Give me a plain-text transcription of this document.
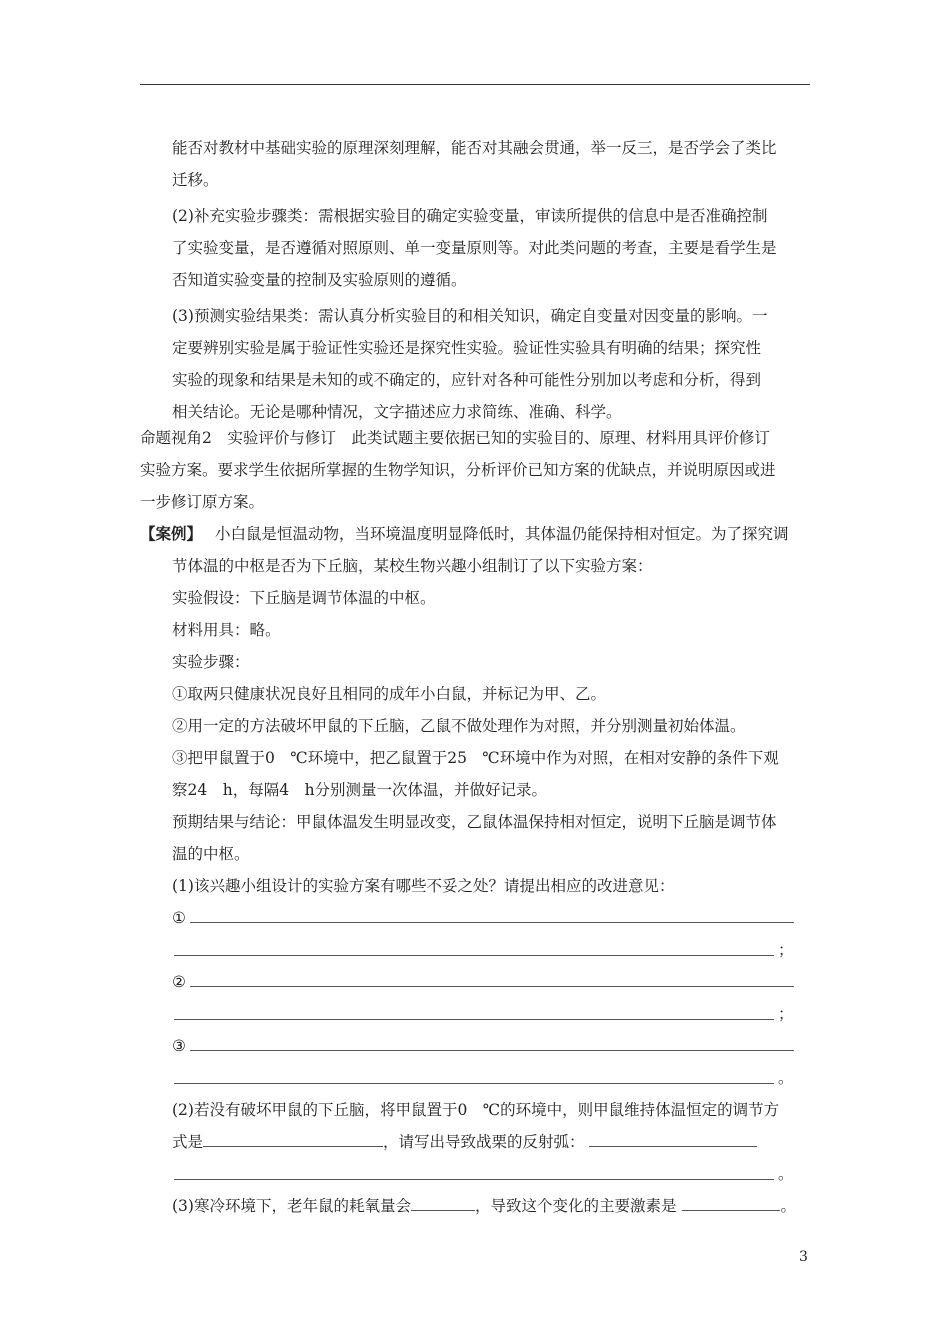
能否对教材中基础实验的原理深刻理解，能否对其融会贯通，举一反三，是否学会了类比
迁移。
(2)补充实验步骤类：需根据实验目的确定实验变量，审读所提供的信息中是否准确控制
了实验变量，是否遵循对照原则、单一变量原则等。对此类问题的考查，主要是看学生是
否知道实验变量的控制及实验原则的遵循。
(3)预测实验结果类：需认真分析实验目的和相关知识，确定自变量对因变量的影响。一
定要辨别实验是属于验证性实验还是探究性实验。验证性实验具有明确的结果；探究性
实验的现象和结果是未知的或不确定的，应针对各种可能性分别加以考虑和分析，得到
相关结论。无论是哪种情况，文字描述应力求简练、准确、科学。
命题视角2　实验评价与修订　此类试题主要依据已知的实验目的、原理、材料用具评价修订
实验方案。要求学生依据所掌握的生物学知识，分析评价已知方案的优缺点，并说明原因或进
一步修订原方案。
【案例】 小白鼠是恒温动物，当环境温度明显降低时，其体温仍能保持相对恒定。为了探究调
节体温的中枢是否为下丘脑，某校生物兴趣小组制订了以下实验方案：
实验假设：下丘脑是调节体温的中枢。
材料用具：略。
实验步骤：
①取两只健康状况良好且相同的成年小白鼠，并标记为甲、乙。
②用一定的方法破坏甲鼠的下丘脑，乙鼠不做处理作为对照，并分别测量初始体温。
③把甲鼠置于0　℃环境中，把乙鼠置于25　℃环境中作为对照，在相对安静的条件下观
察24　h，每隔4　h分别测量一次体温，并做好记录。
预期结果与结论：甲鼠体温发生明显改变，乙鼠体温保持相对恒定，说明下丘脑是调节体
温的中枢。
(1)该兴趣小组设计的实验方案有哪些不妥之处？请提出相应的改进意见：
①
；
②
；
③
。
(2)若没有破坏甲鼠的下丘脑，将甲鼠置于0　℃的环境中，则甲鼠维持体温恒定的调节方
式是	，请写出导致战栗的反射弧：
。
(3)寒冷环境下，老年鼠的耗氧量会	，导致这个变化的主要激素是	。
3
